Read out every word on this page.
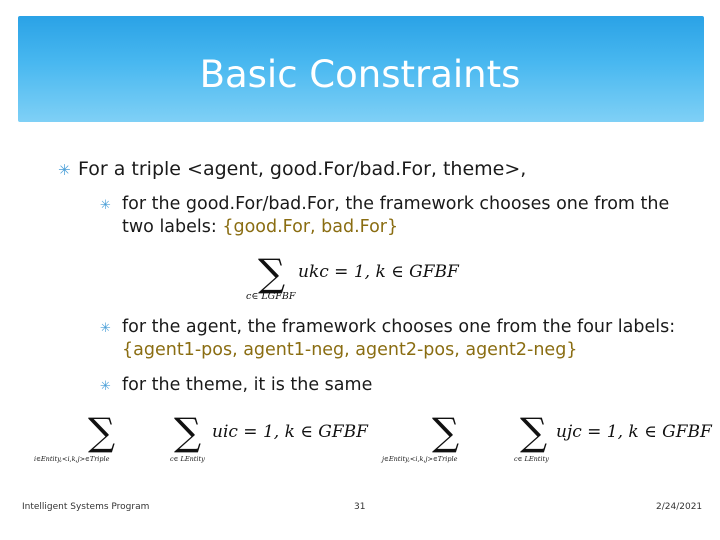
Basic Constraints
✳ For a triple <agent, good.For/bad.For, theme>,
✳ for the good.For/bad.For, the framework chooses one from the two labels: {good.For, bad.For}
∑ ukc = 1, k ∈ GFBF
c∈ LGFBF
✳ for the agent, the framework chooses one from the four labels: {agent1-pos, agent1-neg, agent2-pos, agent2-neg}
✳ for the theme, it is the same
∑ ∑ uic = 1, k ∈ GFBF
i∈Entity,<i,k,j>∈Triple	c∈ LEntity
∑ ∑ ujc = 1, k ∈ GFBF
j∈Entity,<i,k,j>∈Triple	c∈ LEntity
Intelligent Systems Program	31	2/24/2021
